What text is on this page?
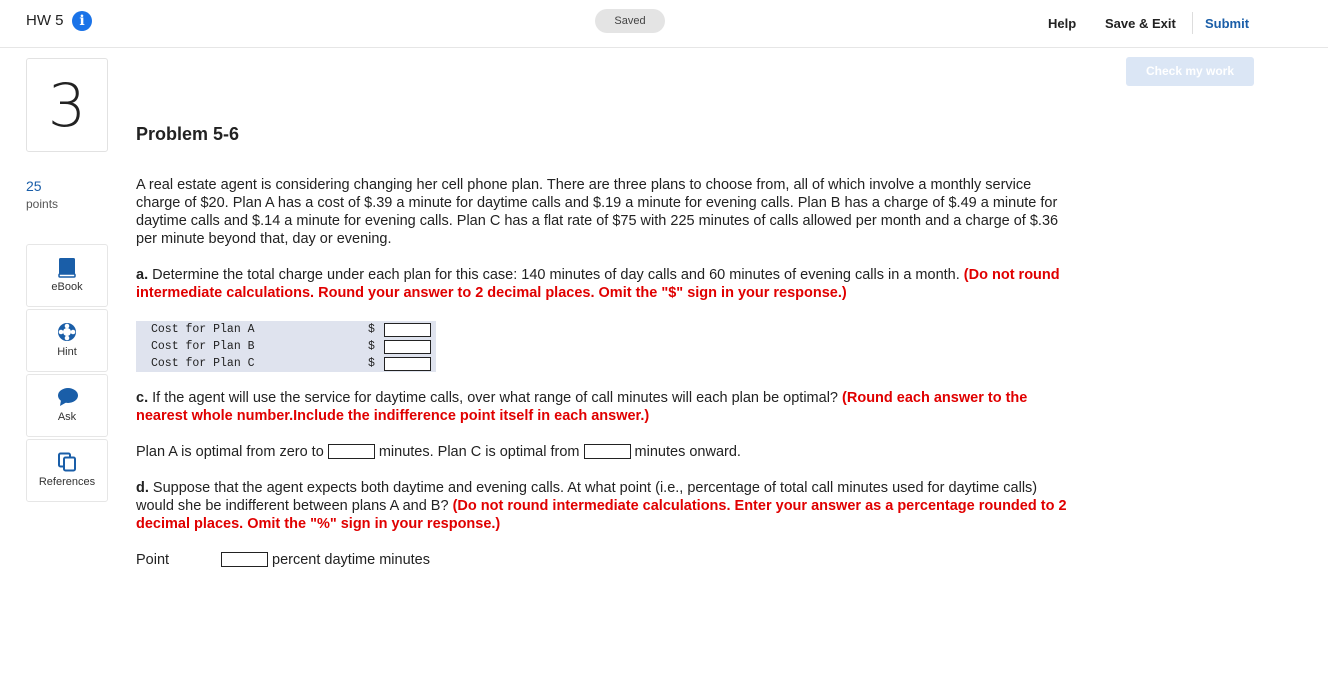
HW 5	i	Saved	Help Save & Exit Submit
Check my work
3
25
points
eBook
Hint
Ask
References
Problem 5-6
A real estate agent is considering changing her cell phone plan. There are three plans to choose from, all of which involve a monthly service charge of $20. Plan A has a cost of $.39 a minute for daytime calls and $.19 a minute for evening calls. Plan B has a charge of $.49 a minute for daytime calls and $.14 a minute for evening calls. Plan C has a flat rate of $75 with 225 minutes of calls allowed per month and a charge of $.36 per minute beyond that, day or evening.
a. Determine the total charge under each plan for this case: 140 minutes of day calls and 60 minutes of evening calls in a month. (Do not round intermediate calculations. Round your answer to 2 decimal places. Omit the "$" sign in your response.)
Cost for Plan A	$
Cost for Plan B	$
Cost for Plan C	$
c. If the agent will use the service for daytime calls, over what range of call minutes will each plan be optimal? (Round each answer to the nearest whole number.Include the indifference point itself in each answer.)
Plan A is optimal from zero to	minutes. Plan C is optimal from	minutes onward.
d. Suppose that the agent expects both daytime and evening calls. At what point (i.e., percentage of total call minutes used for daytime calls) would she be indifferent between plans A and B? (Do not round intermediate calculations. Enter your answer as a percentage rounded to 2 decimal places. Omit the "%" sign in your response.)
Point	percent daytime minutes
